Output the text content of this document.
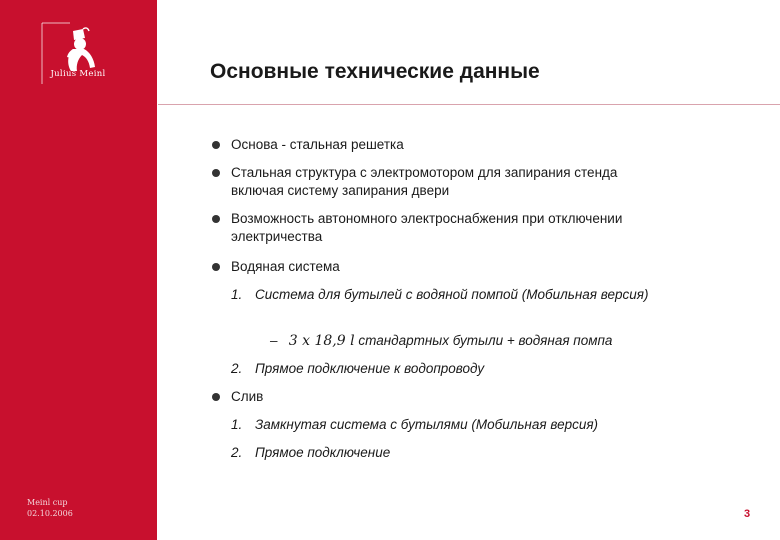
Julius Meinl
Meinl cup
02.10.2006
Основные технические данные
Основа - стальная решетка
Стальная структура с электромотором для запирания стенда включая систему запирания двери
Возможность автономного электроснабжения при отключении электричества
Водяная система
1. Система для бутылей с водяной помпой (Мобильная версия)
– 3 x 18,9 l стандартных бутыли + водяная помпа
2. Прямое подключение к водопроводу
Слив
1. Замкнутая система с бутылями (Мобильная версия)
2. Прямое подключение
3
